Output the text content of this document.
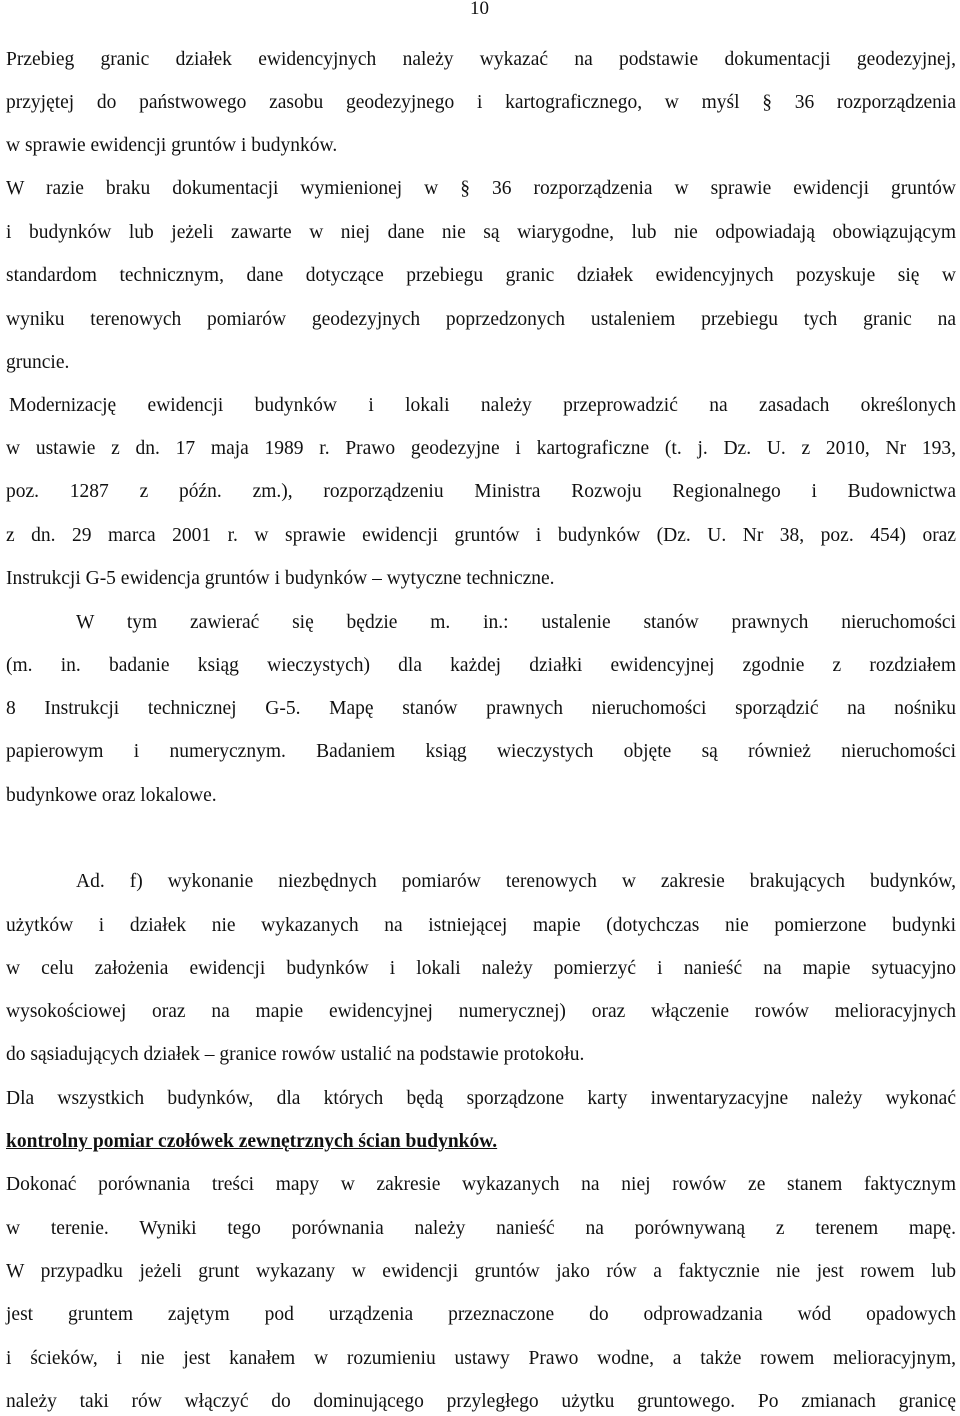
10
Przebieg granic działek ewidencyjnych należy wykazać na podstawie dokumentacji geodezyjnej,
przyjętej do państwowego zasobu geodezyjnego i kartograficznego, w myśl § 36 rozporządzenia
w sprawie ewidencji gruntów i budynków.
W razie braku dokumentacji wymienionej w § 36 rozporządzenia w sprawie ewidencji gruntów
i budynków lub jeżeli zawarte w niej dane nie są wiarygodne, lub nie odpowiadają obowiązującym
standardom technicznym, dane dotyczące przebiegu granic działek ewidencyjnych pozyskuje się w
wyniku terenowych pomiarów geodezyjnych poprzedzonych ustaleniem przebiegu tych granic na
gruncie.
Modernizację ewidencji budynków i lokali należy przeprowadzić na zasadach określonych
w ustawie z dn. 17 maja 1989 r. Prawo geodezyjne i kartograficzne (t. j. Dz. U. z 2010, Nr 193,
poz. 1287 z późn. zm.), rozporządzeniu Ministra Rozwoju Regionalnego i Budownictwa
z dn. 29 marca 2001 r. w sprawie ewidencji gruntów i budynków (Dz. U. Nr 38, poz. 454) oraz
Instrukcji G-5 ewidencja gruntów i budynków – wytyczne techniczne.
W tym zawierać się będzie m. in.: ustalenie stanów prawnych nieruchomości
(m. in. badanie ksiąg wieczystych) dla każdej działki ewidencyjnej zgodnie z rozdziałem
8 Instrukcji technicznej G-5. Mapę stanów prawnych nieruchomości sporządzić na nośniku
papierowym i numerycznym. Badaniem ksiąg wieczystych objęte są również nieruchomości
budynkowe oraz lokalowe.
Ad. f) wykonanie niezbędnych pomiarów terenowych w zakresie brakujących budynków,
użytków i działek nie wykazanych na istniejącej mapie (dotychczas nie pomierzone budynki
w celu założenia ewidencji budynków i lokali należy pomierzyć i nanieść na mapie sytuacyjno
wysokościowej oraz na mapie ewidencyjnej numerycznej) oraz włączenie rowów melioracyjnych
do sąsiadujących działek – granice rowów ustalić na podstawie protokołu.
Dla wszystkich budynków, dla których będą sporządzone karty inwentaryzacyjne należy wykonać
kontrolny pomiar czołówek zewnętrznych ścian budynków.
Dokonać porównania treści mapy w zakresie wykazanych na niej rowów ze stanem faktycznym
w terenie. Wyniki tego porównania należy nanieść na porównywaną z terenem mapę.
W przypadku jeżeli grunt wykazany w ewidencji gruntów jako rów a faktycznie nie jest rowem lub
jest gruntem zajętym pod urządzenia przeznaczone do odprowadzania wód opadowych
i ścieków, i nie jest kanałem w rozumieniu ustawy Prawo wodne, a także rowem melioracyjnym,
należy taki rów włączyć do dominującego przyległego użytku gruntowego. Po zmianach granicę
